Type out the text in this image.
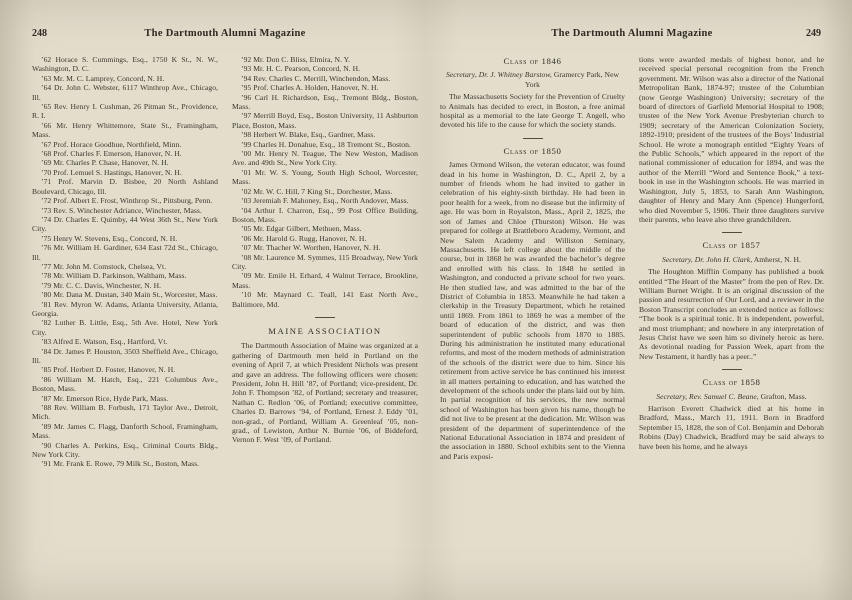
248	The Dartmouth Alumni Magazine

’62 Horace S. Cummings, Esq., 1750 K St., N. W., Washington, D. C.

’63 Mr. M. C. Lamprey, Concord, N. H.

’64 Dr. John C. Webster, 6117 Winthrop Ave., Chicago, Ill.

’65 Rev. Henry I. Cushman, 26 Pitman St., Providence, R. I.

’66 Mr. Henry Whittemore, State St., Framingham, Mass.

’67 Prof. Horace Goodhue, Northfield, Minn.

’68 Prof. Charles F. Emerson, Hanover, N. H.

’69 Mr. Charles P. Chase, Hanover, N. H.

’70 Prof. Lemuel S. Hastings, Hanover, N. H.

’71 Prof. Marvin D. Bisbee, 20 North Ashland Boulevard, Chicago, Ill.

’72 Prof. Albert E. Frost, Winthrop St., Pittsburg, Penn.

’73 Rev. S. Winchester Adriance, Winchester, Mass.

’74 Dr. Charles E. Quimby, 44 West 36th St., New York City.

’75 Henry W. Stevens, Esq., Concord, N. H.

’76 Mr. William H. Gardiner, 634 East 72d St., Chicago, Ill.

’77 Mr. John M. Comstock, Chelsea, Vt.

’78 Mr. William D. Parkinson, Waltham, Mass.

’79 Mr. C. C. Davis, Winchester, N. H.

’80 Mr. Dana M. Dustan, 340 Main St., Worcester, Mass.

’81 Rev. Myron W. Adams, Atlanta University, Atlanta, Georgia.

’82 Luther B. Little, Esq., 5th Ave. Hotel, New York City.

’83 Alfred E. Watson, Esq., Hartford, Vt.

’84 Dr. James P. Houston, 3503 Sheffield Ave., Chicago, Ill.

’85 Prof. Herbert D. Foster, Hanover, N. H.

’86 William M. Hatch, Esq., 221 Columbus Ave., Boston, Mass.

’87 Mr. Emerson Rice, Hyde Park, Mass.

’88 Rev. William B. Forbush, 171 Taylor Ave., Detroit, Mich.

’89 Mr. James C. Flagg, Danforth School, Framingham, Mass.

’90 Charles A. Perkins, Esq., Criminal Courts Bldg., New York City.

’91 Mr. Frank E. Rowe, 79 Milk St., Boston, Mass.

’92 Mr. Don C. Bliss, Elmira, N. Y.

’93 Mr. H. C. Pearson, Concord, N. H.

’94 Rev. Charles C. Merrill, Winchendon, Mass.

’95 Prof. Charles A. Holden, Hanover, N. H.

’96 Carl H. Richardson, Esq., Tremont Bldg., Boston, Mass.

’97 Merrill Boyd, Esq., Boston University, 11 Ashburton Place, Boston, Mass.

’98 Herbert W. Blake, Esq., Gardner, Mass.

’99 Charles H. Donahue, Esq., 18 Tremont St., Boston.

’00 Mr. Henry N. Teague, The New Weston, Madison Ave. and 49th St., New York City.

’01 Mr. W. S. Young, South High School, Worcester, Mass.

’02 Mr. W. C. Hill, 7 King St., Dorchester, Mass.

’03 Jeremiah F. Mahoney, Esq., North Andover, Mass.

’04 Arthur I. Charron, Esq., 99 Post Office Building, Boston, Mass.

’05 Mr. Edgar Gilbert, Methuen, Mass.

’06 Mr. Harold G. Rugg, Hanover, N. H.

’07 Mr. Thacher W. Worthen, Hanover, N. H.

’08 Mr. Laurence M. Symmes, 115 Broadway, New York City.

’09 Mr. Emile H. Erhard, 4 Walnut Terrace, Brookline, Mass.

’10 Mr. Maynard C. Teall, 141 East North Ave., Baltimore, Md.

MAINE ASSOCIATION

The Dartmouth Association of Maine was organized at a gathering of Dartmouth men held in Portland on the evening of April 7, at which President Nichols was present and gave an address. The following officers were chosen: President, John H. Hill ’87, of Portland; vice-president, Dr. John F. Thompson ’82, of Portland; secretary and treasurer, Nathan C. Redlon ’06, of Portland; executive committee, Charles D. Barrows ’94, of Portland, Ernest J. Eddy ’01, non-grad., of Portland, William A. Greenleaf ’05, non-grad., of Lewiston, Arthur N. Burnie ’06, of Biddeford, Vernon F. West ’09, of Portland.

The Dartmouth Alumni Magazine	249
Class of 1846

Secretary, Dr. J. Whitney Barstow, Gramercy Park, New York

The Massachusetts Society for the Prevention of Cruelty to Animals has decided to erect, in Boston, a free animal hospital as a memorial to the late George T. Angell, who devoted his life to the cause for which the society stands.

Class of 1850

James Ormond Wilson, the veteran educator, was found dead in his home in Washington, D. C., April 2, by a number of friends whom he had invited to gather in celebration of his eighty-sixth birthday. He had been in poor health for a week, from no disease but the infirmity of age. He was born in Royalston, Mass., April 2, 1825, the son of James and Chloe (Thurston) Wilson. He was prepared for college at Brattleboro Academy, Vermont, and New Salem Academy and Williston Seminary, Massachusetts. He left college about the middle of the course, but in 1868 he was awarded the bachelor’s degree and enrolled with his class. In 1848 he settled in Washington, and conducted a private school for two years. He then studied law, and was admitted to the bar of the District of Columbia in 1853. Meanwhile he had taken a clerkship in the Treasury Department, which he retained until 1869. From 1861 to 1869 he was a member of the board of education of the district, and was then superintendent of public schools from 1870 to 1885. During his administration he instituted many educational reforms, and most of the modern methods of administration of the schools of the district were due to him. Since his retirement from active service he has continued his interest in all matters pertaining to education, and has watched the development of the schools under the plans laid out by him. In partial recognition of his services, the new normal school of Washington has been given his name, though he did not live to be present at the dedication. Mr. Wilson was president of the department of superintendence of the National Educational Association in 1874 and president of the association in 1880. School exhibits sent to the Vienna and Paris exposi-

tions were awarded medals of highest honor, and he received special personal recognition from the French government. Mr. Wilson was also a director of the National Metropolitan Bank, 1874-97; trustee of the Columbian (now George Washington) University; secretary of the board of directors of Garfield Memorial Hospital to 1908; trustee of the New York Avenue Presbyterian church to 1909; secretary of the American Colonization Society, 1892-1910; president of the trustees of the Boys’ Industrial School. He wrote a monograph entitled “Eighty Years of the Public Schools,” which appeared in the report of the national commissioner of education for 1894, and was the author of the Merrill “Word and Sentence Book,” a text-book in use in the Washington schools. He was married in Washington, July 5, 1853, to Sarah Ann Washington, daughter of Henry and Mary Ann (Spence) Hungerford, who died November 5, 1906. Their three daughters survive their parents, who leave also three grandchildren.

Class of 1857

Secretary, Dr. John H. Clark, Amherst, N. H.

The Houghton Mifflin Company has published a book entitled “The Heart of the Master” from the pen of Rev. Dr. William Burnet Wright. It is an original discussion of the passion and resurrection of Our Lord, and a reviewer in the Boston Transcript concludes an extended notice as follows: “The book is a spiritual tonic. It is independent, powerful, and most triumphant; and nowhere in any interpretation of Jesus Christ have we seen him so divinely heroic as here. As devotional reading for Passion Week, apart from the New Testament, it hardly has a peer..”

Class of 1858

Secretary, Rev. Samuel C. Beane, Grafton, Mass.

Harrison Everett Chadwick died at his home in Bradford, Mass., March 11, 1911. Born in Bradford September 15, 1828, the son of Col. Benjamin and Deborah Robins (Day) Chadwick, Bradford may be said always to have been his home, and he always
